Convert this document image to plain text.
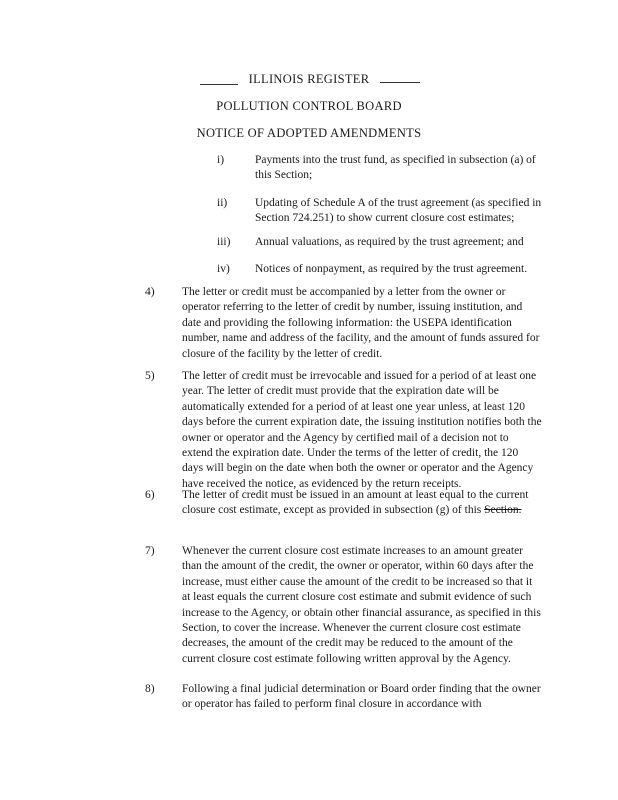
ILLINOIS REGISTER
POLLUTION CONTROL BOARD
NOTICE OF ADOPTED AMENDMENTS
i)	Payments into the trust fund, as specified in subsection (a) of this Section;
ii)	Updating of Schedule A of the trust agreement (as specified in Section 724.251) to show current closure cost estimates;
iii)	Annual valuations, as required by the trust agreement; and
iv)	Notices of nonpayment, as required by the trust agreement.
4)	The letter or credit must be accompanied by a letter from the owner or operator referring to the letter of credit by number, issuing institution, and date and providing the following information: the USEPA identification number, name and address of the facility, and the amount of funds assured for closure of the facility by the letter of credit.
5)	The letter of credit must be irrevocable and issued for a period of at least one year. The letter of credit must provide that the expiration date will be automatically extended for a period of at least one year unless, at least 120 days before the current expiration date, the issuing institution notifies both the owner or operator and the Agency by certified mail of a decision not to extend the expiration date. Under the terms of the letter of credit, the 120 days will begin on the date when both the owner or operator and the Agency have received the notice, as evidenced by the return receipts.
6)	The letter of credit must be issued in an amount at least equal to the current closure cost estimate, except as provided in subsection (g) of this Section.
7)	Whenever the current closure cost estimate increases to an amount greater than the amount of the credit, the owner or operator, within 60 days after the increase, must either cause the amount of the credit to be increased so that it at least equals the current closure cost estimate and submit evidence of such increase to the Agency, or obtain other financial assurance, as specified in this Section, to cover the increase. Whenever the current closure cost estimate decreases, the amount of the credit may be reduced to the amount of the current closure cost estimate following written approval by the Agency.
8)	Following a final judicial determination or Board order finding that the owner or operator has failed to perform final closure in accordance with
